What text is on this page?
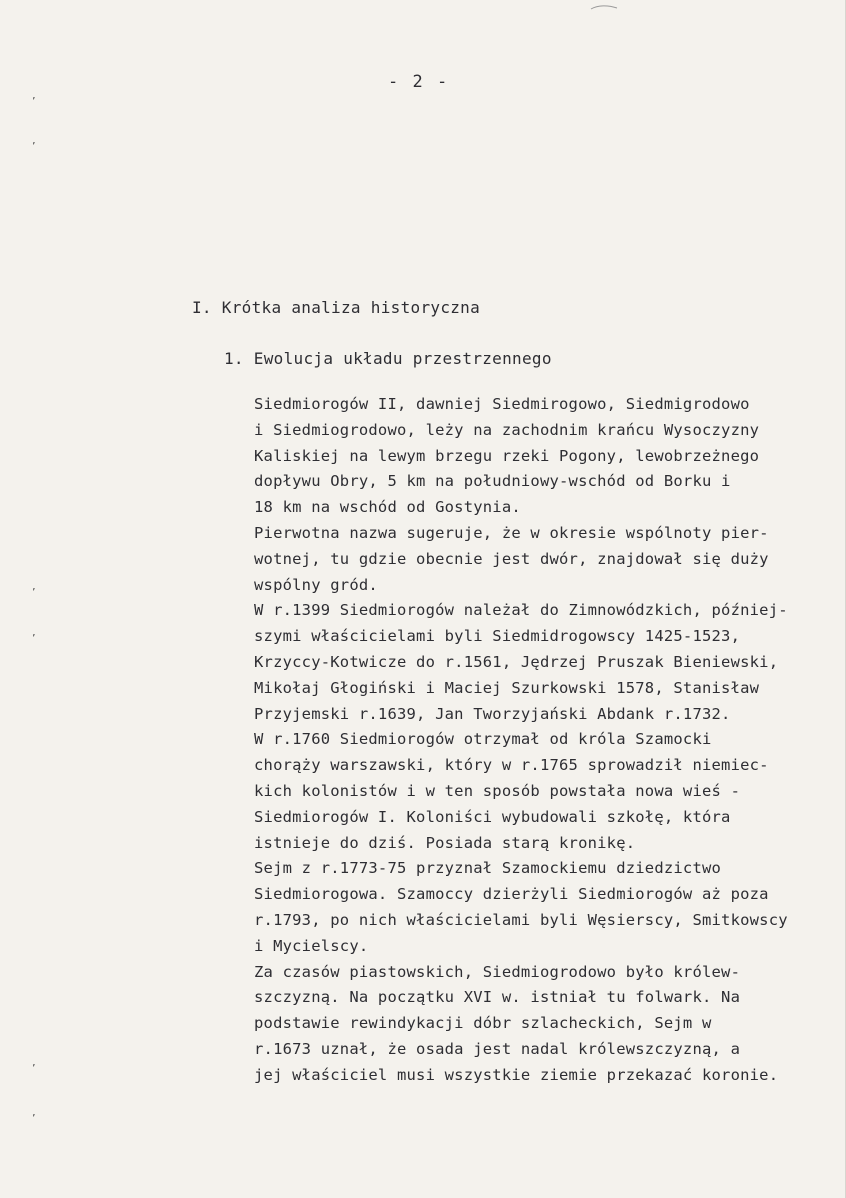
ʼ
ʼ
ʼ
ʼ
ʼ
ʼ
- 2 -
I. Krótka analiza historyczna
1. Ewolucja układu przestrzennego
Siedmiorogów II, dawniej Siedmirogowo, Siedmigrodowo
i Siedmiogrodowo, leży na zachodnim krańcu Wysoczyzny
Kaliskiej na lewym brzegu rzeki Pogony, lewobrzeżnego
dopływu Obry, 5 km na południowy-wschód od Borku i
18 km na wschód od Gostynia.
Pierwotna nazwa sugeruje, że w okresie wspólnoty pier-
wotnej, tu gdzie obecnie jest dwór, znajdował się duży
wspólny gród.
W r.1399 Siedmiorogów należał do Zimnowódzkich, później-
szymi właścicielami byli Siedmidrogowscy 1425-1523,
Krzyccy-Kotwicze do r.1561, Jędrzej Pruszak Bieniewski,
Mikołaj Głogiński i Maciej Szurkowski 1578, Stanisław
Przyjemski r.1639, Jan Tworzyjański Abdank r.1732.
W r.1760 Siedmiorogów otrzymał od króla Szamocki
chorąży warszawski, który w r.1765 sprowadził niemiec-
kich kolonistów i w ten sposób powstała nowa wieś -
Siedmiorogów I. Koloniści wybudowali szkołę, która
istnieje do dziś. Posiada starą kronikę.
Sejm z r.1773-75 przyznał Szamockiemu dziedzictwo
Siedmiorogowa. Szamoccy dzierżyli Siedmiorogów aż poza
r.1793, po nich właścicielami byli Węsierscy, Smitkowscy
i Mycielscy.
Za czasów piastowskich, Siedmiogrodowo było królew-
szczyzną. Na początku XVI w. istniał tu folwark. Na
podstawie rewindykacji dóbr szlacheckich, Sejm w
r.1673 uznał, że osada jest nadal królewszczyzną, a
jej właściciel musi wszystkie ziemie przekazać koronie.
